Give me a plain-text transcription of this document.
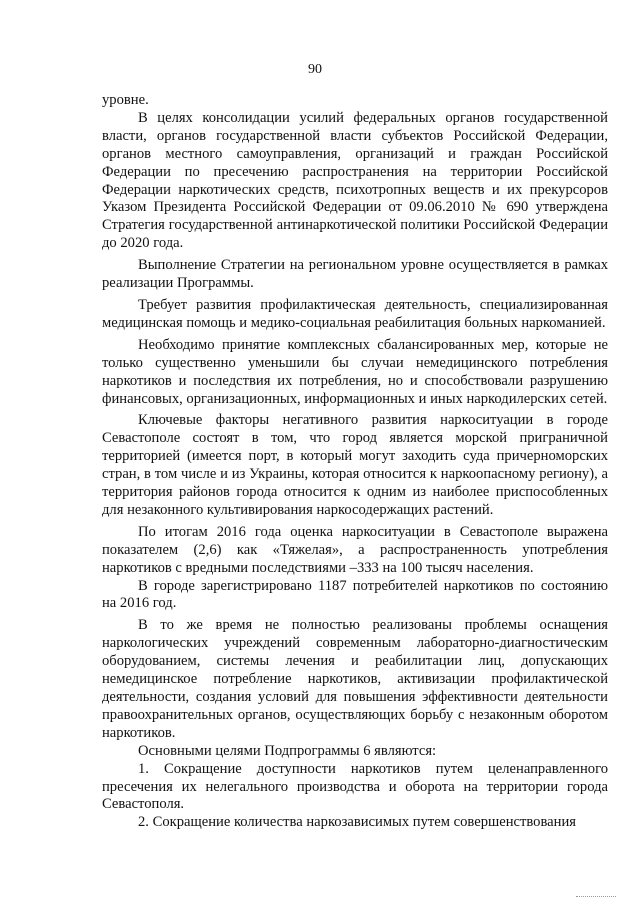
90

уровне.

В целях консолидации усилий федеральных органов государственной власти, органов государственной власти субъектов Российской Федерации, органов местного самоуправления, организаций и граждан Российской Федерации по пресечению распространения на территории Российской Федерации наркотических средств, психотропных веществ и их прекурсоров Указом Президента Российской Федерации от 09.06.2010 № 690 утверждена Стратегия государственной антинаркотической политики Российской Федерации до 2020 года.

Выполнение Стратегии на региональном уровне осуществляется в рамках реализации Программы.

Требует развития профилактическая деятельность, специализированная медицинская помощь и медико-социальная реабилитация больных наркоманией.

Необходимо принятие комплексных сбалансированных мер, которые не только существенно уменьшили бы случаи немедицинского потребления наркотиков и последствия их потребления, но и способствовали разрушению финансовых, организационных, информационных и иных наркодилерских сетей.

Ключевые факторы негативного развития наркоситуации в городе Севастополе состоят в том, что город является морской приграничной территорией (имеется порт, в который могут заходить суда причерноморских стран, в том числе и из Украины, которая относится к наркоопасному региону), а территория районов города относится к одним из наиболее приспособленных для незаконного культивирования наркосодержащих растений.

По итогам 2016 года оценка наркоситуации в Севастополе выражена показателем (2,6) как «Тяжелая», а распространенность употребления наркотиков с вредными последствиями –333 на 100 тысяч населения.

В городе зарегистрировано 1187 потребителей наркотиков по состоянию на 2016 год.

В то же время не полностью реализованы проблемы оснащения наркологических учреждений современным лабораторно-диагностическим оборудованием, системы лечения и реабилитации лиц, допускающих немедицинское потребление наркотиков, активизации профилактической деятельности, создания условий для повышения эффективности деятельности правоохранительных органов, осуществляющих борьбу с незаконным оборотом наркотиков.

Основными целями Подпрограммы 6 являются:

1. Сокращение доступности наркотиков путем целенаправленного пресечения их нелегального производства и оборота на территории города Севастополя.

2. Сокращение количества наркозависимых путем совершенствования
